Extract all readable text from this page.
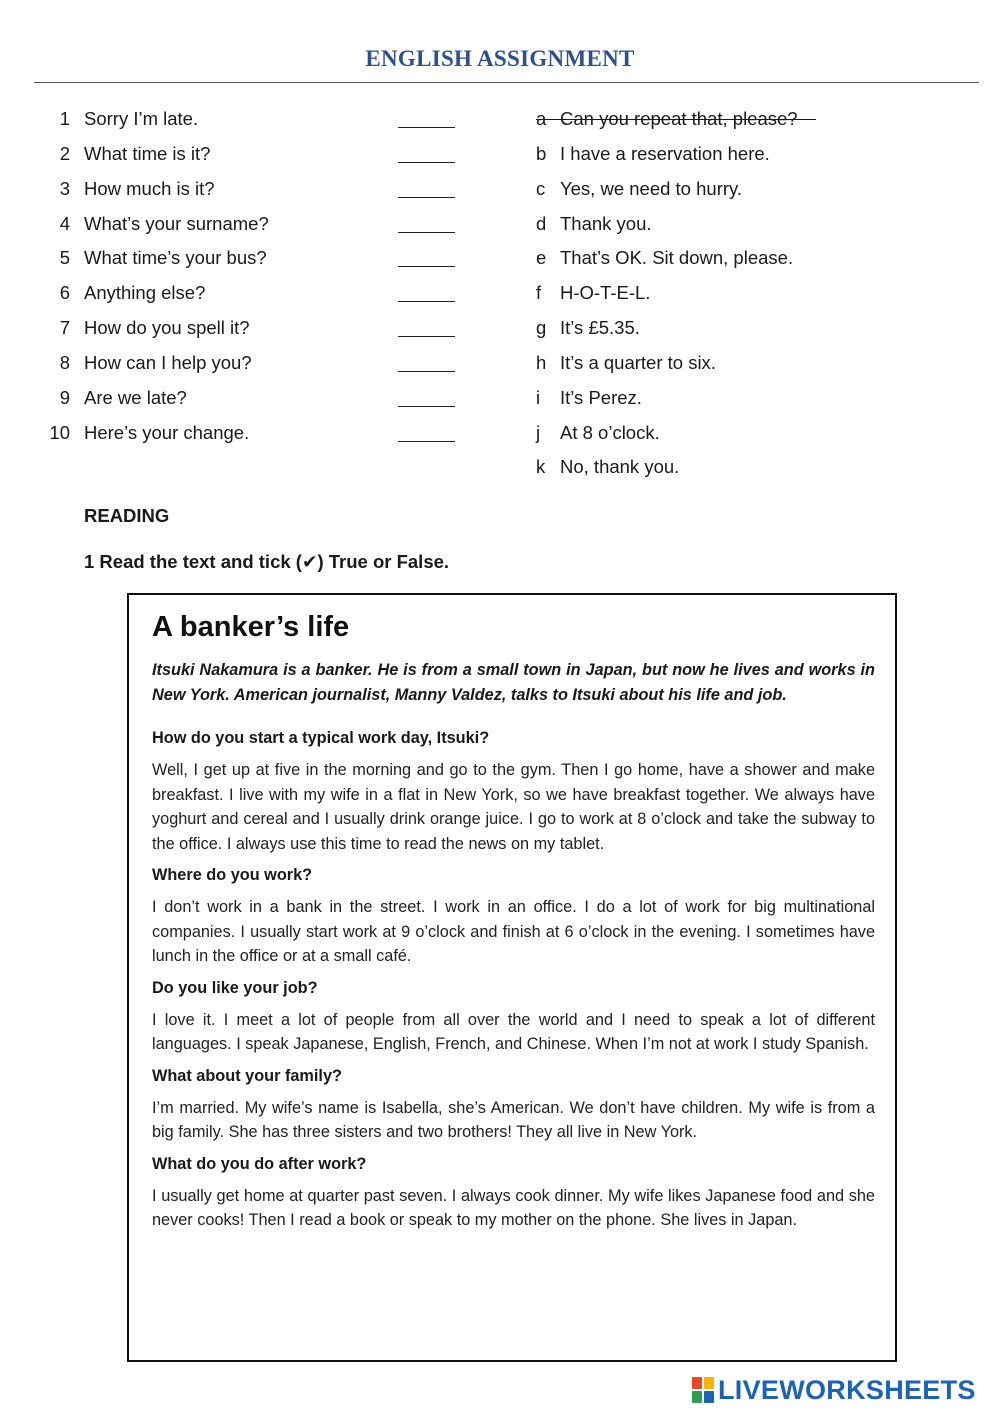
ENGLISH ASSIGNMENT
1 Sorry I’m late.
2 What time is it?
3 How much is it?
4 What’s your surname?
5 What time’s your bus?
6 Anything else?
7 How do you spell it?
8 How can I help you?
9 Are we late?
10 Here’s your change.
a Can you repeat that, please?
b I have a reservation here.
c Yes, we need to hurry.
d Thank you.
e That’s OK. Sit down, please.
f H-O-T-E-L.
g It’s £5.35.
h It’s a quarter to six.
i It’s Perez.
j At 8 o’clock.
k No, thank you.
READING
1 Read the text and tick (✔) True or False.
A banker’s life
Itsuki Nakamura is a banker. He is from a small town in Japan, but now he lives and works in New York. American journalist, Manny Valdez, talks to Itsuki about his life and job.
How do you start a typical work day, Itsuki?
Well, I get up at five in the morning and go to the gym. Then I go home, have a shower and make breakfast. I live with my wife in a flat in New York, so we have breakfast together. We always have yoghurt and cereal and I usually drink orange juice. I go to work at 8 o’clock and take the subway to the office. I always use this time to read the news on my tablet.
Where do you work?
I don’t work in a bank in the street. I work in an office. I do a lot of work for big multinational companies. I usually start work at 9 o’clock and finish at 6 o’clock in the evening. I sometimes have lunch in the office or at a small café.
Do you like your job?
I love it. I meet a lot of people from all over the world and I need to speak a lot of different languages. I speak Japanese, English, French, and Chinese. When I’m not at work I study Spanish.
What about your family?
I’m married. My wife’s name is Isabella, she’s American. We don’t have children. My wife is from a big family. She has three sisters and two brothers! They all live in New York.
What do you do after work?
I usually get home at quarter past seven. I always cook dinner. My wife likes Japanese food and she never cooks! Then I read a book or speak to my mother on the phone. She lives in Japan.
LIVEWORKSHEETS
